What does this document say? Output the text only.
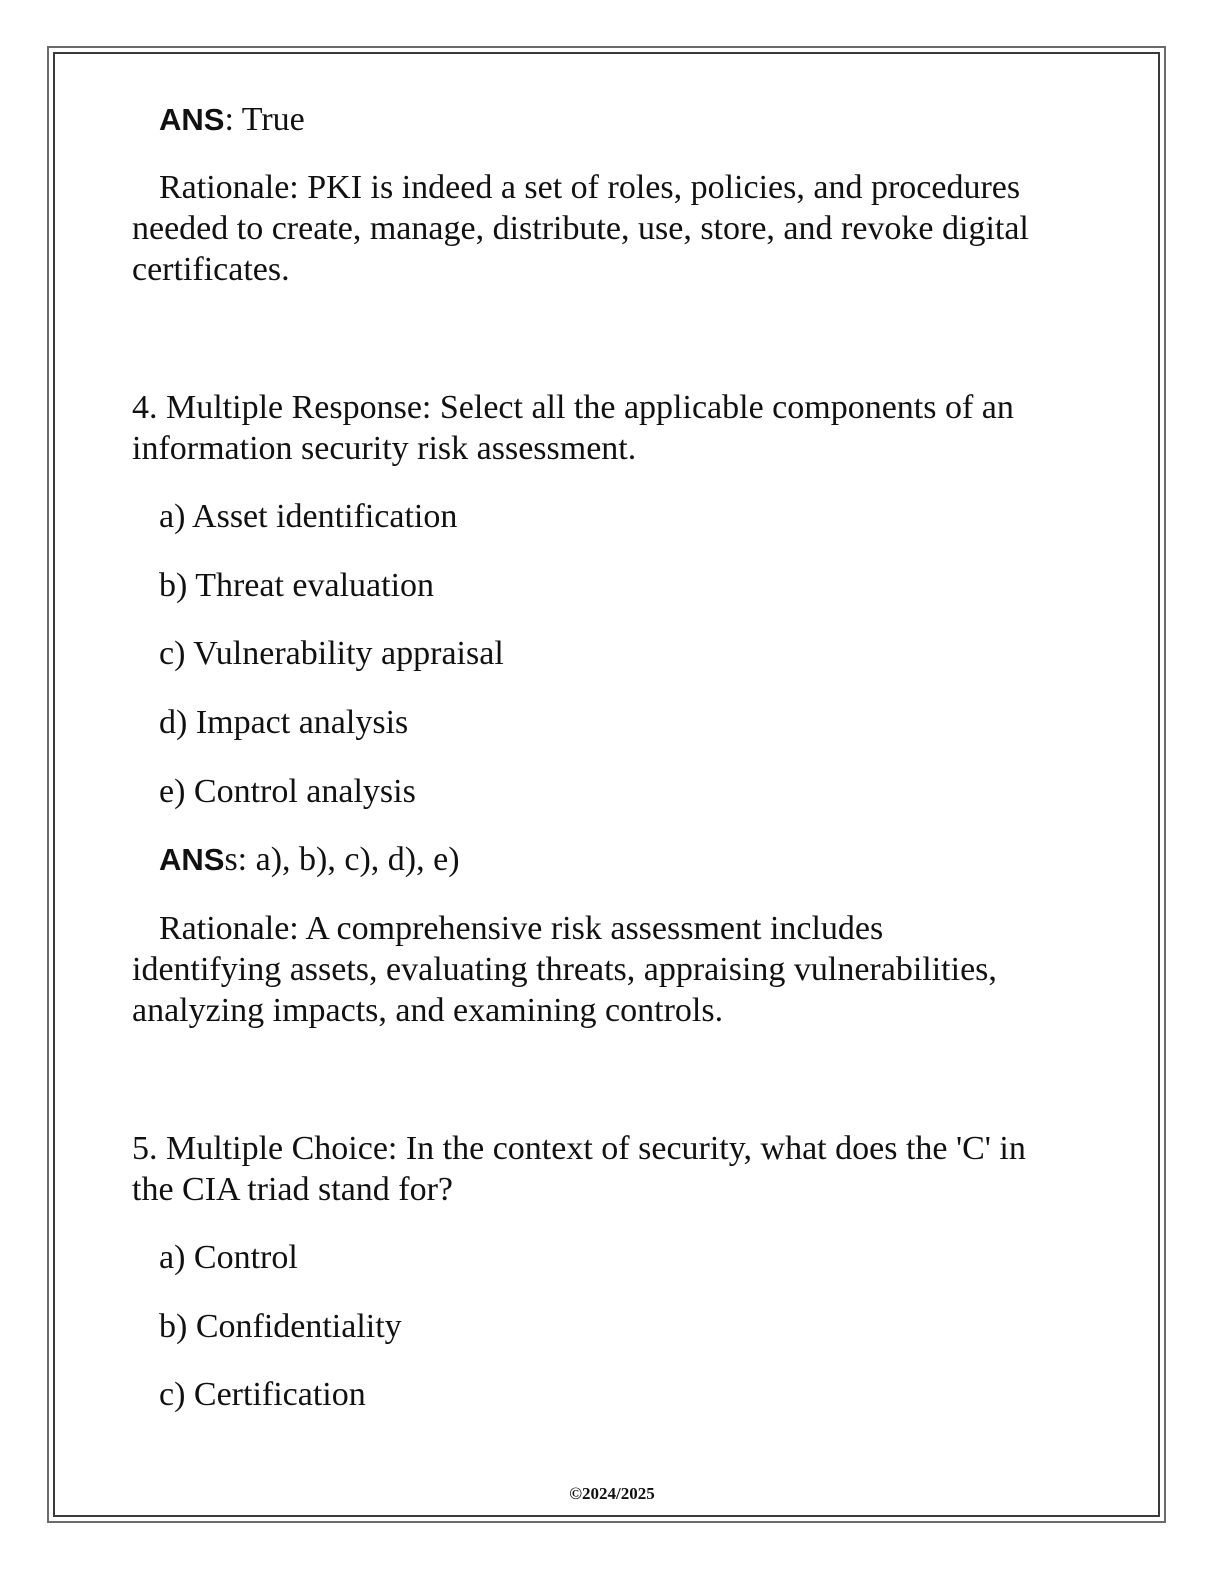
ANS: True
Rationale: PKI is indeed a set of roles, policies, and procedures
needed to create, manage, distribute, use, store, and revoke digital
certificates.
4. Multiple Response: Select all the applicable components of an
information security risk assessment.
a) Asset identification
b) Threat evaluation
c) Vulnerability appraisal
d) Impact analysis
e) Control analysis
ANSs: a), b), c), d), e)
Rationale: A comprehensive risk assessment includes
identifying assets, evaluating threats, appraising vulnerabilities,
analyzing impacts, and examining controls.
5. Multiple Choice: In the context of security, what does the 'C' in
the CIA triad stand for?
a) Control
b) Confidentiality
c) Certification
©2024/2025
